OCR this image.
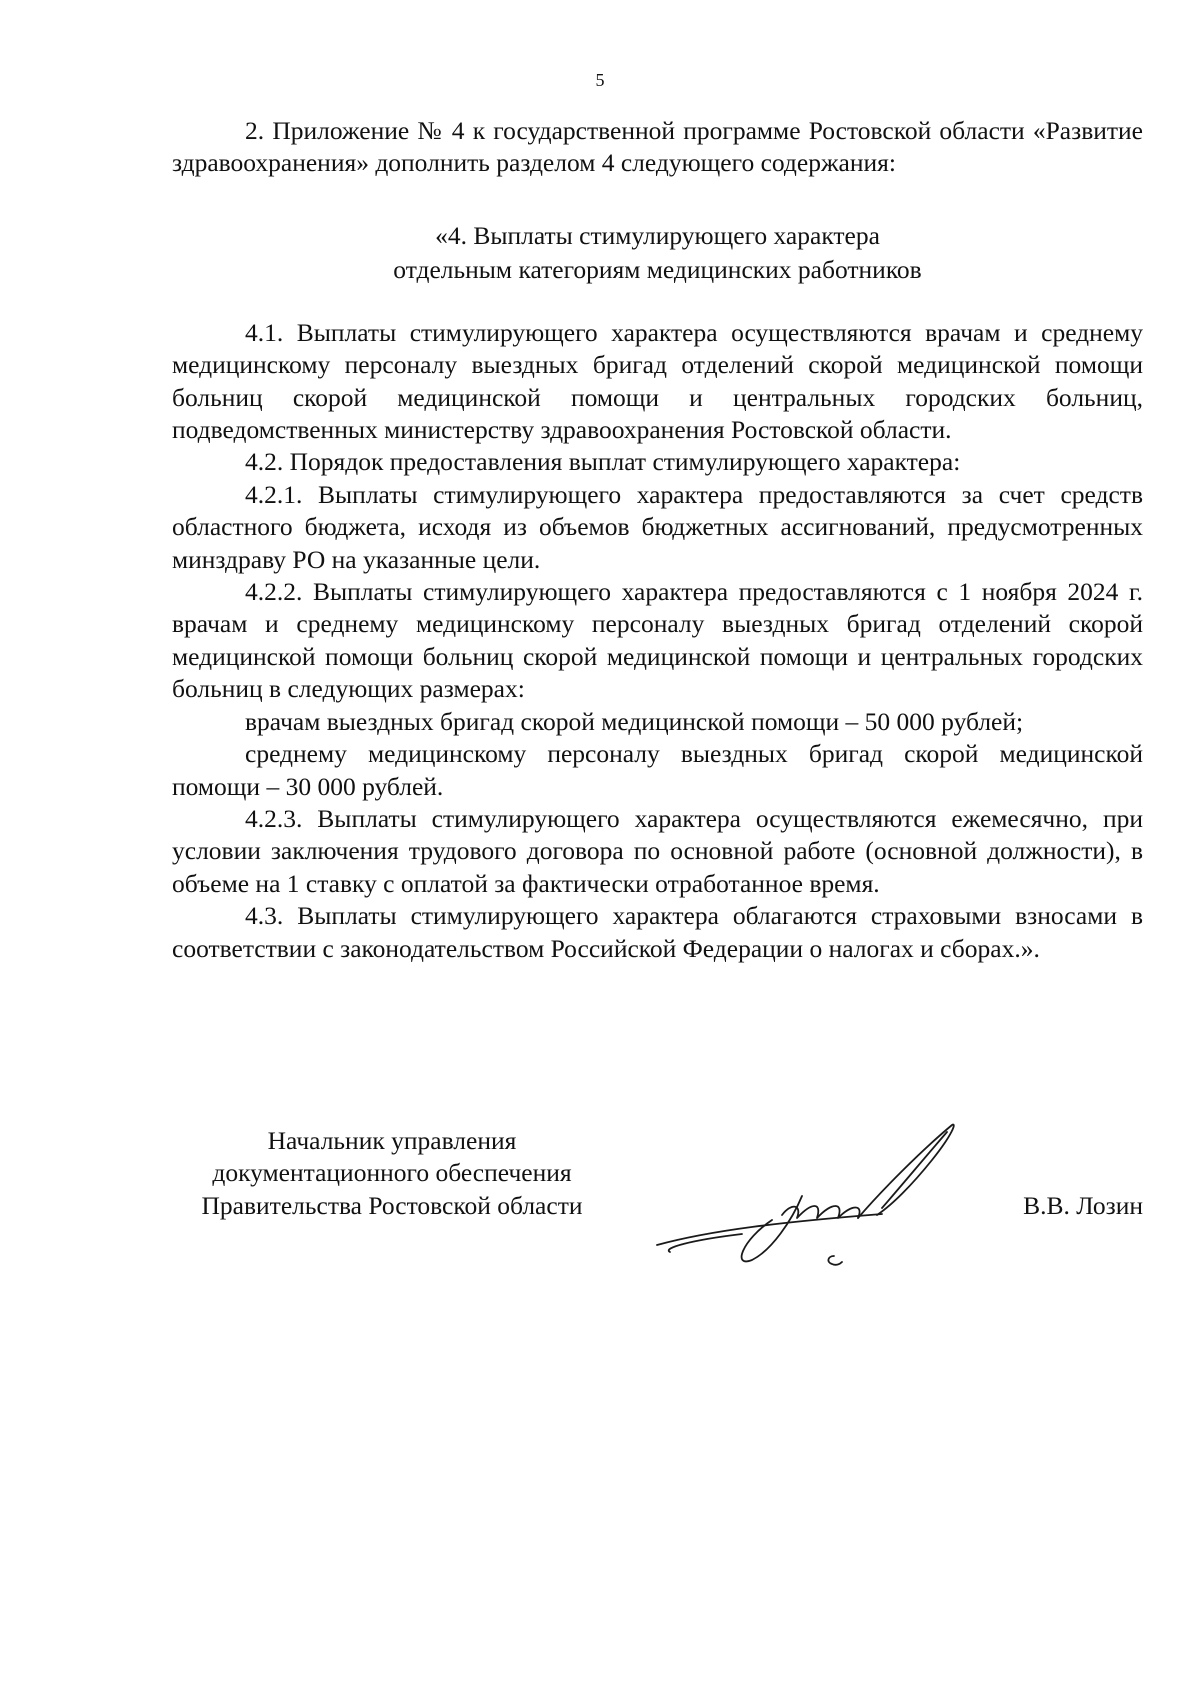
5

2. Приложение № 4 к государственной программе Ростовской области «Развитие здравоохранения» дополнить разделом 4 следующего содержания:

«4. Выплаты стимулирующего характера
отдельным категориям медицинских работников

4.1. Выплаты стимулирующего характера осуществляются врачам и среднему медицинскому персоналу выездных бригад отделений скорой медицинской помощи больниц скорой медицинской помощи и центральных городских больниц, подведомственных министерству здравоохранения Ростовской области.

4.2. Порядок предоставления выплат стимулирующего характера:

4.2.1. Выплаты стимулирующего характера предоставляются за счет средств областного бюджета, исходя из объемов бюджетных ассигнований, предусмотренных минздраву РО на указанные цели.

4.2.2. Выплаты стимулирующего характера предоставляются с 1 ноября 2024 г. врачам и среднему медицинскому персоналу выездных бригад отделений скорой медицинской помощи больниц скорой медицинской помощи и центральных городских больниц в следующих размерах:

врачам выездных бригад скорой медицинской помощи – 50 000 рублей;

среднему медицинскому персоналу выездных бригад скорой медицинской помощи – 30 000 рублей.

4.2.3. Выплаты стимулирующего характера осуществляются ежемесячно, при условии заключения трудового договора по основной работе (основной должности), в объеме на 1 ставку с оплатой за фактически отработанное время.

4.3. Выплаты стимулирующего характера облагаются страховыми взносами в соответствии с законодательством Российской Федерации о налогах и сборах.».

Начальник управления
документационного обеспечения
Правительства Ростовской области	В.В. Лозин
